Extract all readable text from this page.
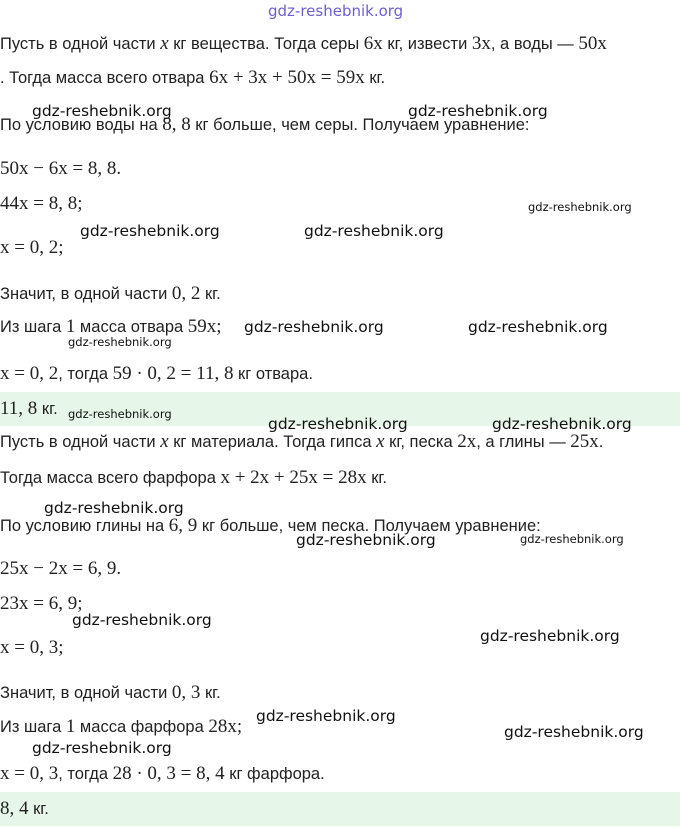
gdz-reshebnik.org
Пусть в одной части x кг вещества. Тогда серы 6x кг, извести 3x, а воды — 50x
. Тогда масса всего отвара 6x + 3x + 50x = 59x кг.
По условию воды на 8, 8 кг больше, чем серы. Получаем уравнение:
50x − 6x = 8, 8.
44x = 8, 8;
x = 0, 2;
Значит, в одной части 0, 2 кг.
Из шага 1 масса отвара 59x;
x = 0, 2, тогда 59 · 0, 2 = 11, 8 кг отвара.
11, 8 кг.
Пусть в одной части x кг материала. Тогда гипса x кг, песка 2x, а глины — 25x.
Тогда масса всего фарфора x + 2x + 25x = 28x кг.
По условию глины на 6, 9 кг больше, чем песка. Получаем уравнение:
25x − 2x = 6, 9.
23x = 6, 9;
x = 0, 3;
Значит, в одной части 0, 3 кг.
Из шага 1 масса фарфора 28x;
x = 0, 3, тогда 28 · 0, 3 = 8, 4 кг фарфора.
8, 4 кг.
gdz-reshebnik.org	gdz-reshebnik.org
gdz-reshebnik.org
gdz-reshebnik.org	gdz-reshebnik.org
gdz-reshebnik.org	gdz-reshebnik.org
gdz-reshebnik.org
gdz-reshebnik.org
gdz-reshebnik.org	gdz-reshebnik.org
gdz-reshebnik.org
gdz-reshebnik.org	gdz-reshebnik.org
gdz-reshebnik.org
gdz-reshebnik.org
gdz-reshebnik.org
gdz-reshebnik.org
gdz-reshebnik.org
